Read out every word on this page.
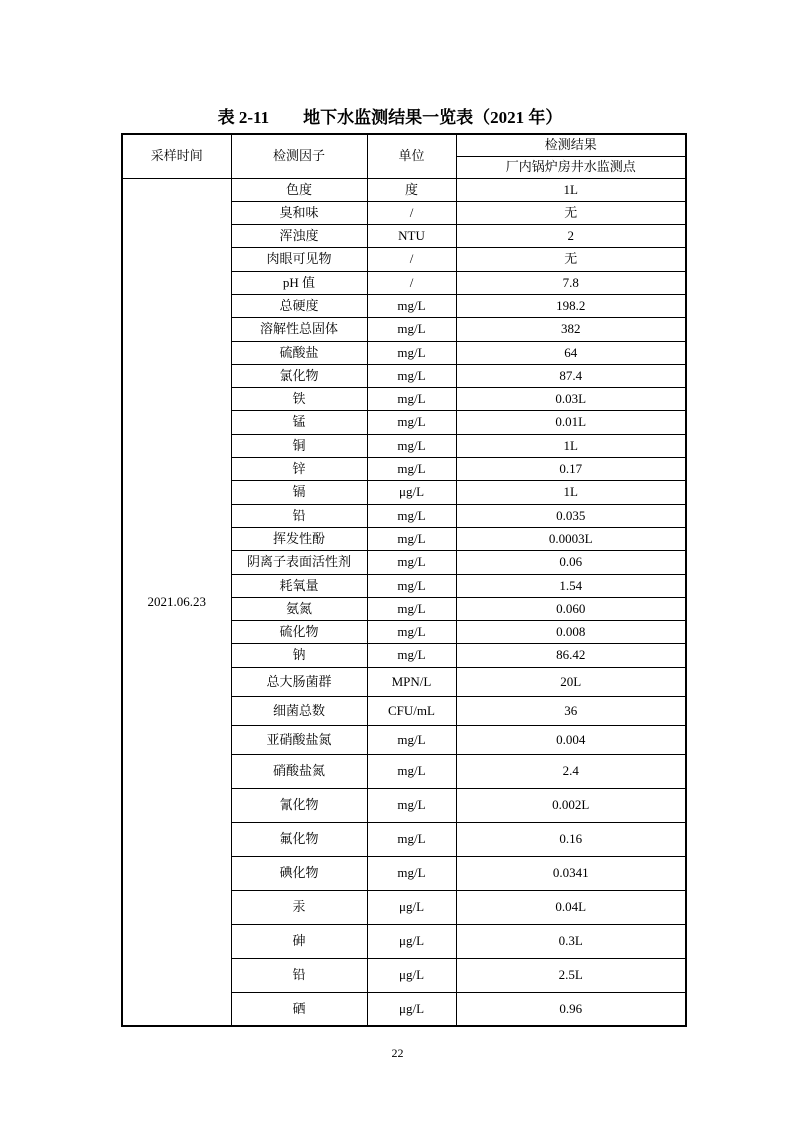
表 2-11　　地下水监测结果一览表（2021 年）
采样时间	检测因子	单位	检测结果
			厂内锅炉房井水监测点
2021.06.23	色度	度	1L
	臭和味	/	无
	浑浊度	NTU	2
	肉眼可见物	/	无
	pH 值	/	7.8
	总硬度	mg/L	198.2
	溶解性总固体	mg/L	382
	硫酸盐	mg/L	64
	氯化物	mg/L	87.4
	铁	mg/L	0.03L
	锰	mg/L	0.01L
	铜	mg/L	1L
	锌	mg/L	0.17
	镉	μg/L	1L
	铅	mg/L	0.035
	挥发性酚	mg/L	0.0003L
	阴离子表面活性剂	mg/L	0.06
	耗氧量	mg/L	1.54
	氨氮	mg/L	0.060
	硫化物	mg/L	0.008
	钠	mg/L	86.42
	总大肠菌群	MPN/L	20L
	细菌总数	CFU/mL	36
	亚硝酸盐氮	mg/L	0.004
	硝酸盐氮	mg/L	2.4
	氰化物	mg/L	0.002L
	氟化物	mg/L	0.16
	碘化物	mg/L	0.0341
	汞	μg/L	0.04L
	砷	μg/L	0.3L
	铅	μg/L	2.5L
	硒	μg/L	0.96
22
